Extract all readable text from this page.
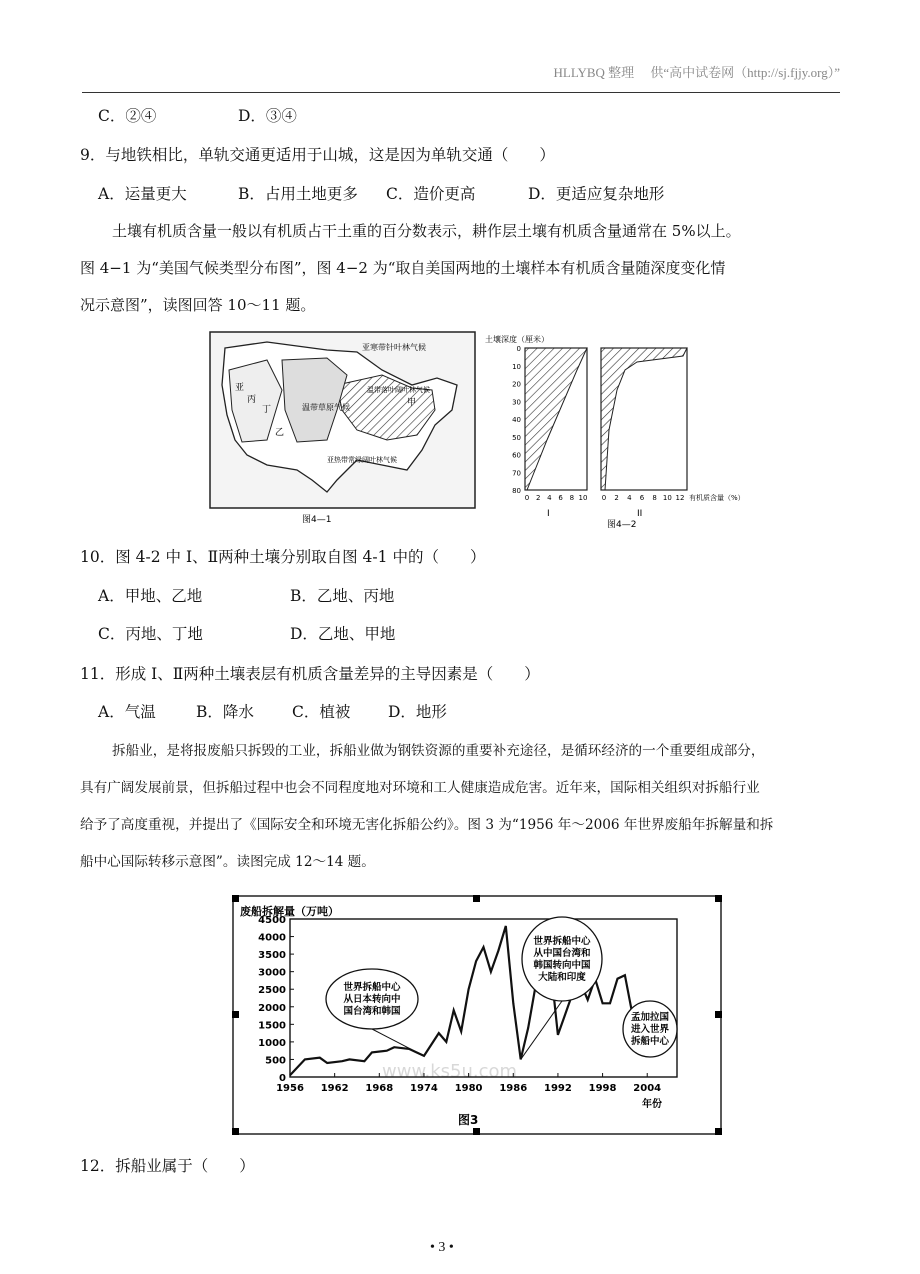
HLLYBQ 整理　 供“高中试卷网（http://sj.fjjy.org）”
C．②④	D．③④
9．与地铁相比，单轨交通更适用于山城，这是因为单轨交通（　　）
A．运量更大	B．占用土地更多 C．造价更高	D．更适应复杂地形
土壤有机质含量一般以有机质占干土重的百分数表示，耕作层土壤有机质含量通常在 5%以上。
图 4−1 为“美国气候类型分布图”，图 4−2 为“取自美国两地的土壤样本有机质含量随深度变化情
况示意图”，读图回答 10～11 题。
亚寒带针叶林气候
温带草原气候
亚热带常绿阔叶林气候
温带落叶阔叶林气候
亚
丙
丁
甲
乙
图4—1
土壤深度（厘米）
0
10
20
30
40
50
60
70
80
0 2 4 6 8 10
I
0 2 4 6 8 10 12 有机质含量（%）
II
图4—2
10．图 4-2 中 I、Ⅱ两种土壤分别取自图 4-1 中的（　　）
A．甲地、乙地	B．乙地、丙地
C．丙地、丁地	D．乙地、甲地
11．形成 I、Ⅱ两种土壤表层有机质含量差异的主导因素是（　　）
A．气温	B．降水 C．植被 D．地形
拆船业，是将报废船只拆毁的工业，拆船业做为钢铁资源的重要补充途径，是循环经济的一个重要组成部分，
具有广阔发展前景，但拆船过程中也会不同程度地对环境和工人健康造成危害。近年来，国际相关组织对拆船行业
给予了高度重视，并提出了《国际安全和环境无害化拆船公约》。图 3 为“1956 年～2006 年世界废船年拆解量和拆
船中心国际转移示意图”。读图完成 12～14 题。
废船拆解量（万吨）
www.ks5u.com
0
500
1000
1500
2000
2500
3000
3500
4000
4500
1956 1962 1968 1974 1980 1986 1992 1998 2004
世界拆船中心从日本转向中国台湾和韩国
世界拆船中心从中国台湾和韩国转向中国大陆和印度
孟加拉国进入世界拆船中心
年份
图3
12．拆船业属于（　　）
• 3 •
